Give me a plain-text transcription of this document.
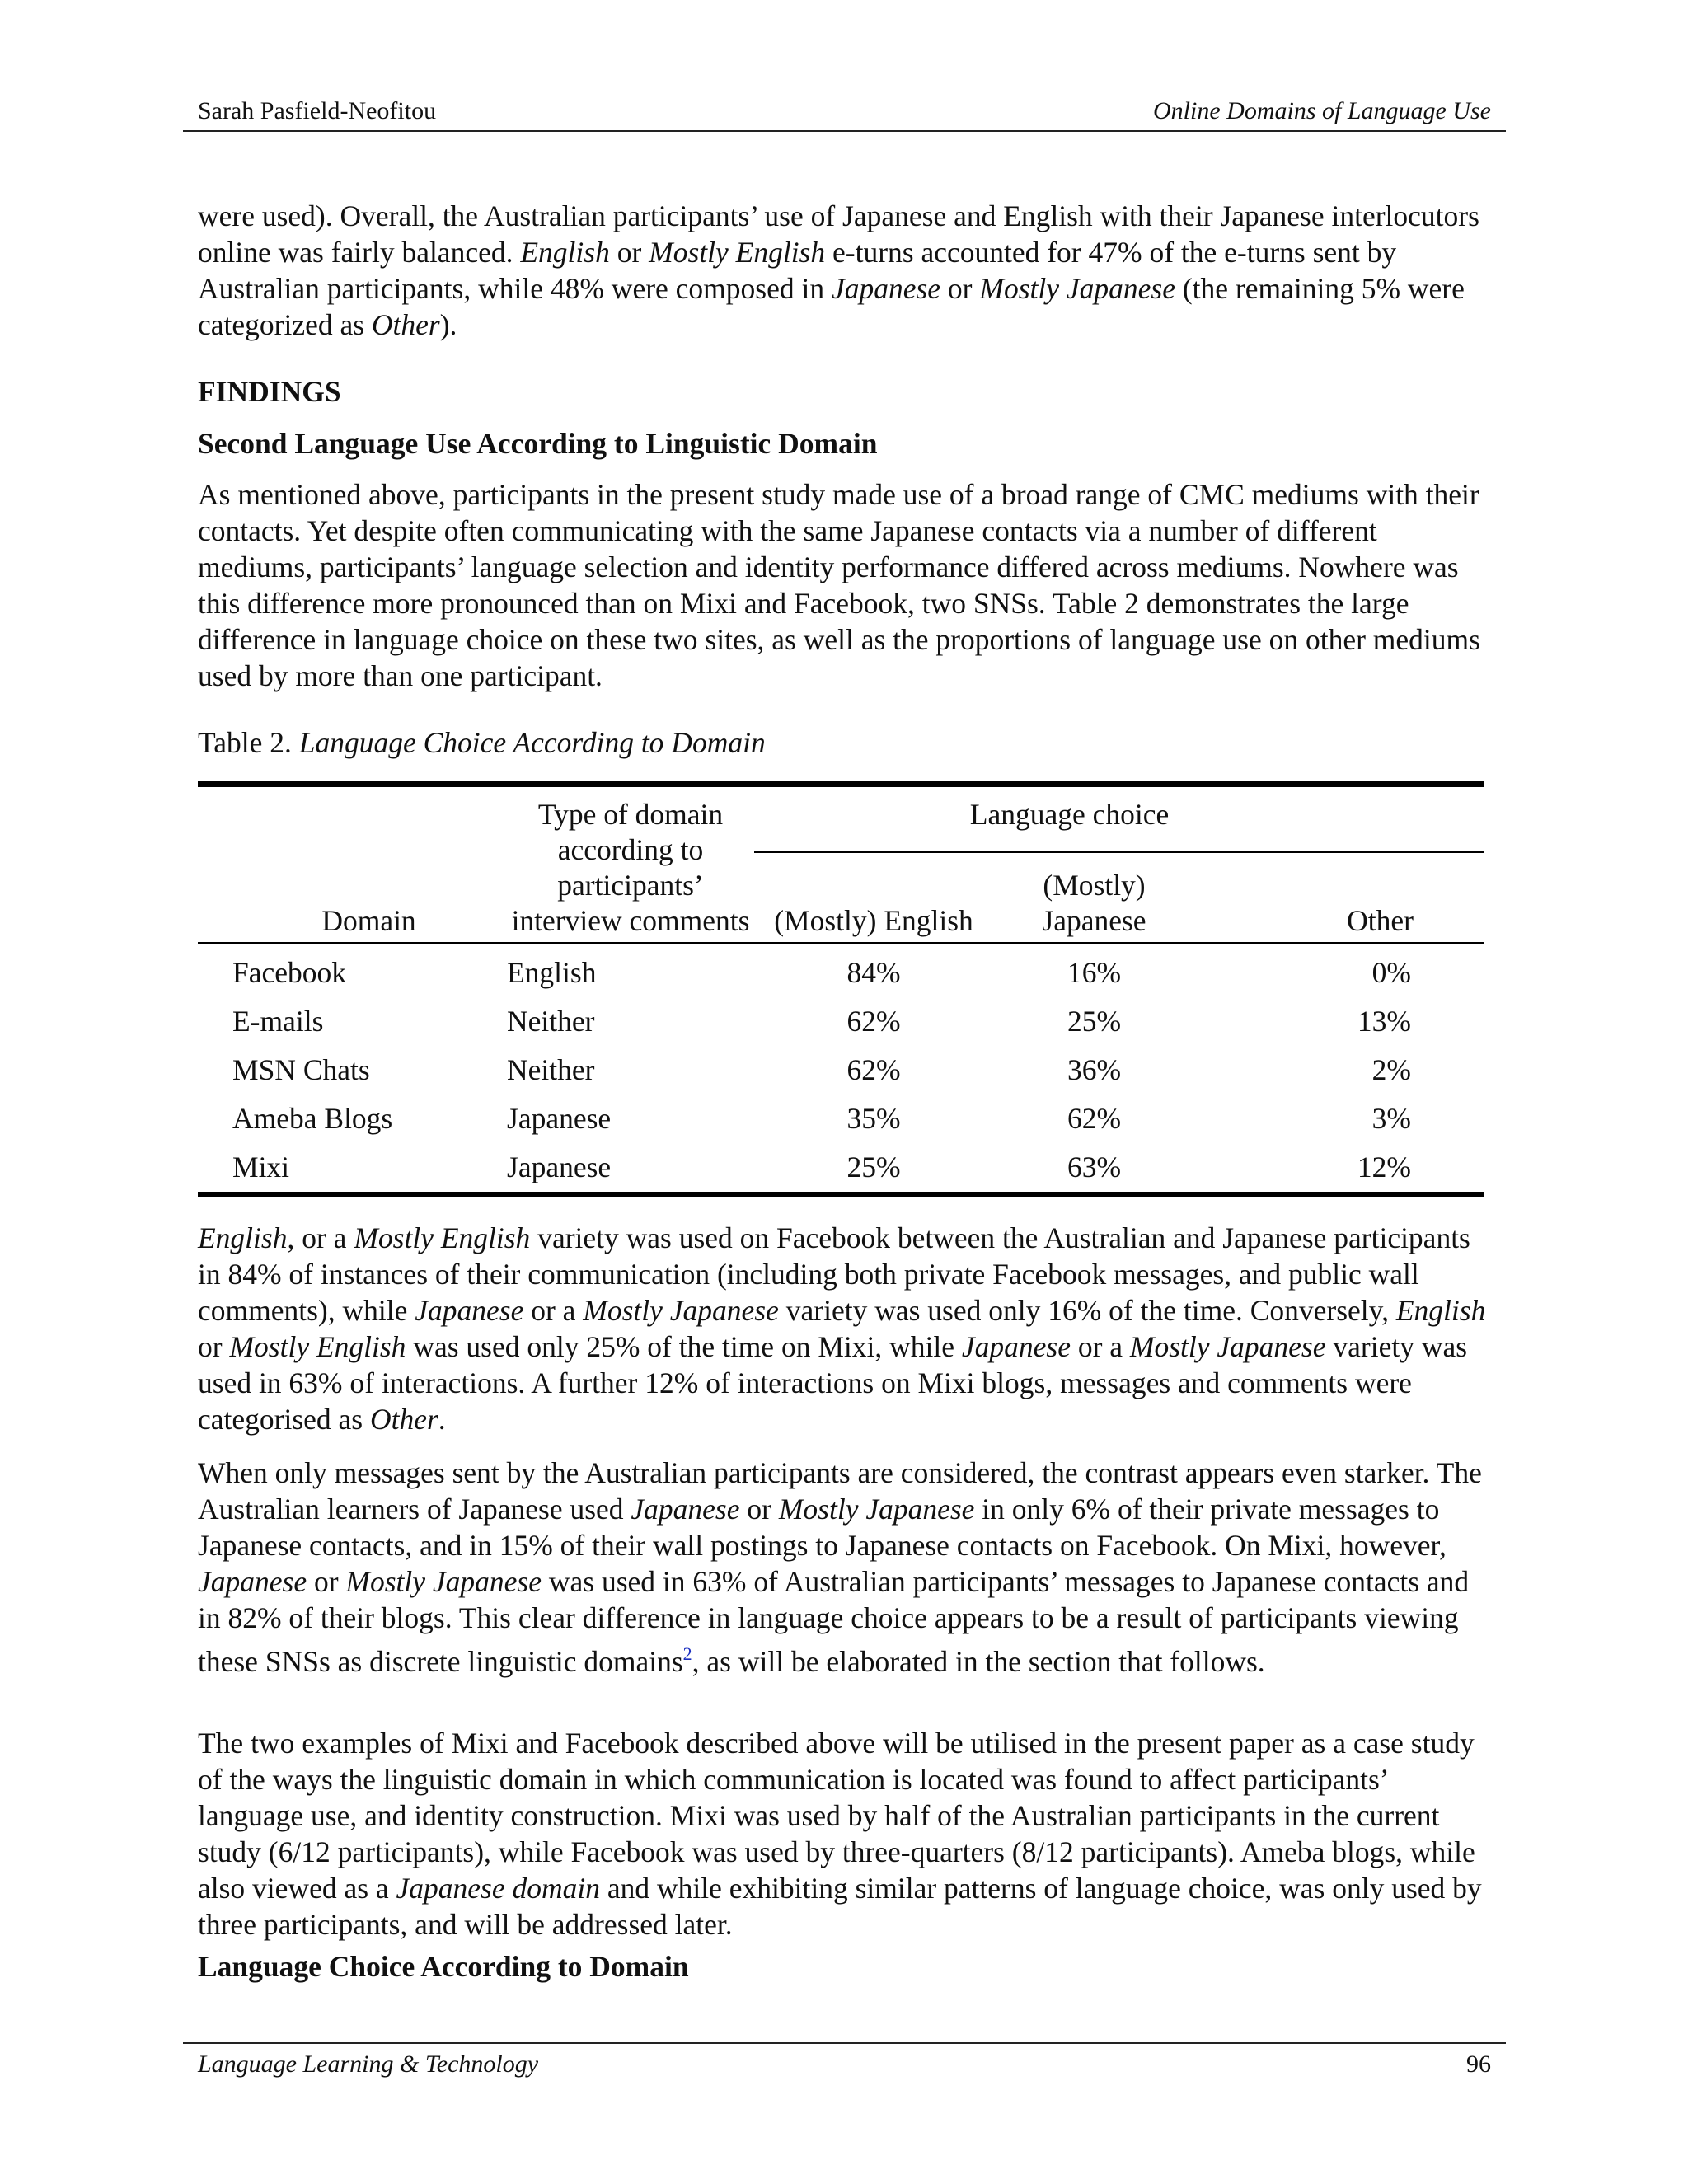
Sarah Pasfield-Neofitou	Online Domains of Language Use

were used). Overall, the Australian participants’ use of Japanese and English with their Japanese interlocutors online was fairly balanced. English or Mostly English e-turns accounted for 47% of the e-turns sent by Australian participants, while 48% were composed in Japanese or Mostly Japanese (the remaining 5% were categorized as Other).

FINDINGS
Second Language Use According to Linguistic Domain

As mentioned above, participants in the present study made use of a broad range of CMC mediums with their contacts. Yet despite often communicating with the same Japanese contacts via a number of different mediums, participants’ language selection and identity performance differed across mediums. Nowhere was this difference more pronounced than on Mixi and Facebook, two SNSs. Table 2 demonstrates the large difference in language choice on these two sites, as well as the proportions of language use on other mediums used by more than one participant.

Table 2. Language Choice According to Domain
Domain	Type of domain according to participants’ interview comments	Language choice		
		(Mostly) English	(Mostly) Japanese	Other
Facebook	English	84%	16%	0%
E-mails	Neither	62%	25%	13%
MSN Chats	Neither	62%	36%	2%
Ameba Blogs	Japanese	35%	62%	3%
Mixi	Japanese	25%	63%	12%

English, or a Mostly English variety was used on Facebook between the Australian and Japanese participants in 84% of instances of their communication (including both private Facebook messages, and public wall comments), while Japanese or a Mostly Japanese variety was used only 16% of the time. Conversely, English or Mostly English was used only 25% of the time on Mixi, while Japanese or a Mostly Japanese variety was used in 63% of interactions. A further 12% of interactions on Mixi blogs, messages and comments were categorised as Other.

When only messages sent by the Australian participants are considered, the contrast appears even starker. The Australian learners of Japanese used Japanese or Mostly Japanese in only 6% of their private messages to Japanese contacts, and in 15% of their wall postings to Japanese contacts on Facebook. On Mixi, however, Japanese or Mostly Japanese was used in 63% of Australian participants’ messages to Japanese contacts and in 82% of their blogs. This clear difference in language choice appears to be a result of participants viewing these SNSs as discrete linguistic domains$^2$, as will be elaborated in the section that follows.

The two examples of Mixi and Facebook described above will be utilised in the present paper as a case study of the ways the linguistic domain in which communication is located was found to affect participants’ language use, and identity construction. Mixi was used by half of the Australian participants in the current study (6/12 participants), while Facebook was used by three-quarters (8/12 participants). Ameba blogs, while also viewed as a Japanese domain and while exhibiting similar patterns of language choice, was only used by three participants, and will be addressed later.

Language Choice According to Domain
Language Learning & Technology	96
